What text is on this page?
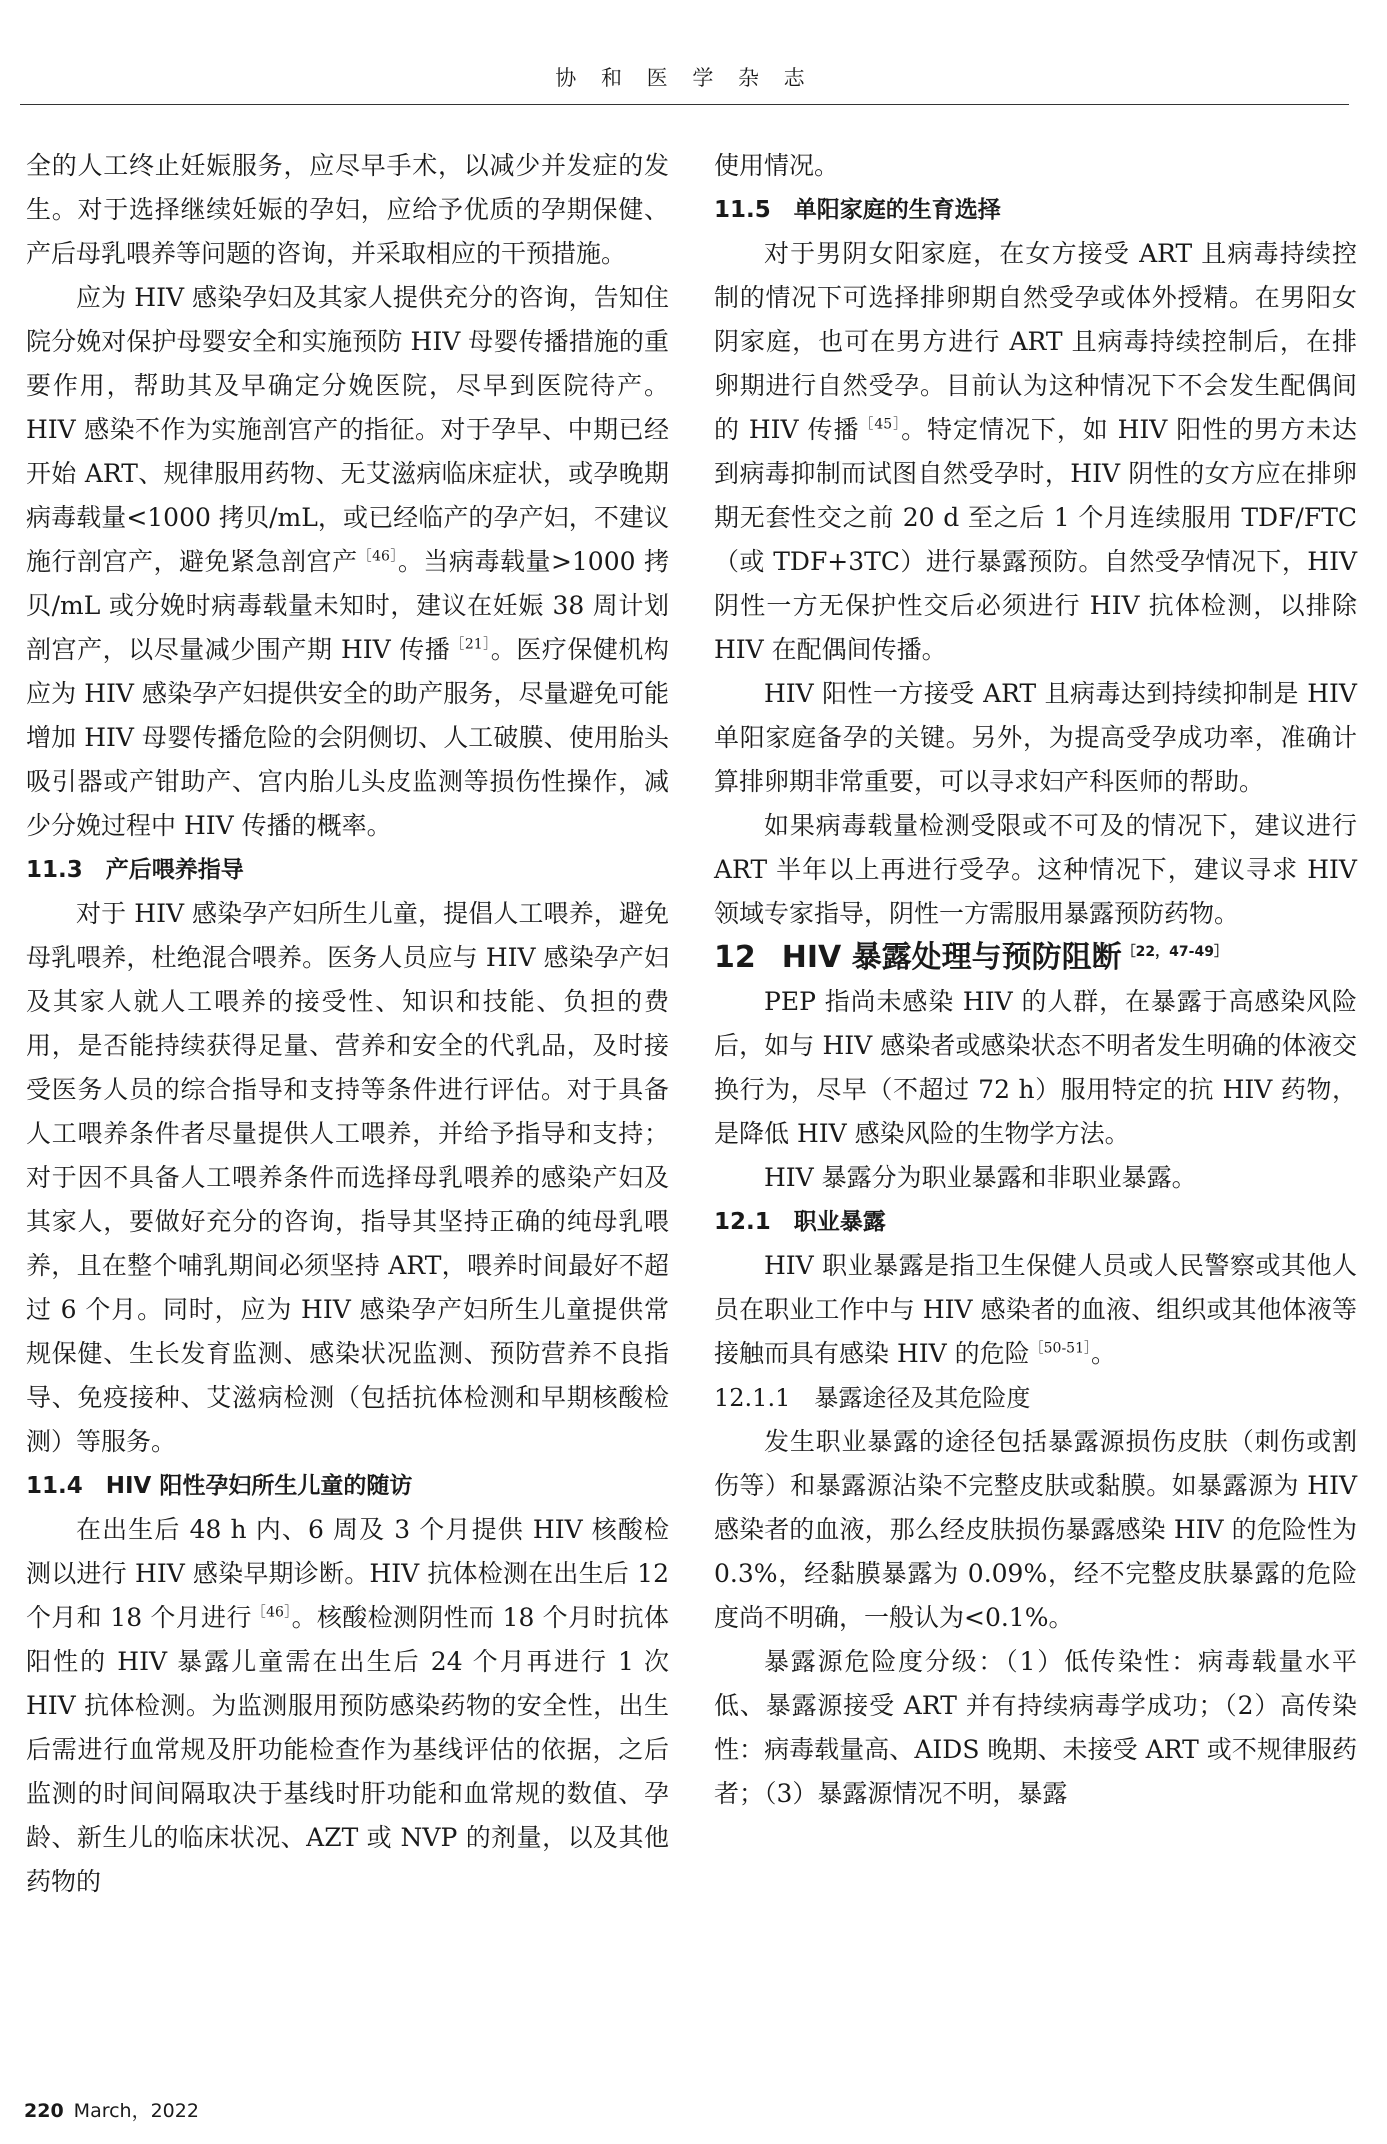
协 和 医 学 杂 志

全的人工终止妊娠服务，应尽早手术，以减少并发症的发生。对于选择继续妊娠的孕妇，应给予优质的孕期保健、产后母乳喂养等问题的咨询，并采取相应的干预措施。

应为 HIV 感染孕妇及其家人提供充分的咨询，告知住院分娩对保护母婴安全和实施预防 HIV 母婴传播措施的重要作用，帮助其及早确定分娩医院，尽早到医院待产。HIV 感染不作为实施剖宫产的指征。对于孕早、中期已经开始 ART、规律服用药物、无艾滋病临床症状，或孕晚期病毒载量<1000 拷贝/mL，或已经临产的孕产妇，不建议施行剖宫产，避免紧急剖宫产$^{[46]}$。当病毒载量>1000 拷贝/mL 或分娩时病毒载量未知时，建议在妊娠 38 周计划剖宫产，以尽量减少围产期 HIV 传播$^{[21]}$。医疗保健机构应为 HIV 感染孕产妇提供安全的助产服务，尽量避免可能增加 HIV 母婴传播危险的会阴侧切、人工破膜、使用胎头吸引器或产钳助产、宫内胎儿头皮监测等损伤性操作，减少分娩过程中 HIV 传播的概率。

11.3　产后喂养指导

对于 HIV 感染孕产妇所生儿童，提倡人工喂养，避免母乳喂养，杜绝混合喂养。医务人员应与 HIV 感染孕产妇及其家人就人工喂养的接受性、知识和技能、负担的费用，是否能持续获得足量、营养和安全的代乳品，及时接受医务人员的综合指导和支持等条件进行评估。对于具备人工喂养条件者尽量提供人工喂养，并给予指导和支持；对于因不具备人工喂养条件而选择母乳喂养的感染产妇及其家人，要做好充分的咨询，指导其坚持正确的纯母乳喂养，且在整个哺乳期间必须坚持 ART，喂养时间最好不超过 6 个月。同时，应为 HIV 感染孕产妇所生儿童提供常规保健、生长发育监测、感染状况监测、预防营养不良指导、免疫接种、艾滋病检测（包括抗体检测和早期核酸检测）等服务。

11.4　HIV 阳性孕妇所生儿童的随访

在出生后 48 h 内、6 周及 3 个月提供 HIV 核酸检测以进行 HIV 感染早期诊断。HIV 抗体检测在出生后 12 个月和 18 个月进行$^{[46]}$。核酸检测阴性而 18 个月时抗体阳性的 HIV 暴露儿童需在出生后 24 个月再进行 1 次 HIV 抗体检测。为监测服用预防感染药物的安全性，出生后需进行血常规及肝功能检查作为基线评估的依据，之后监测的时间间隔取决于基线时肝功能和血常规的数值、孕龄、新生儿的临床状况、AZT 或 NVP 的剂量，以及其他药物的

使用情况。

11.5　单阳家庭的生育选择

对于男阴女阳家庭，在女方接受 ART 且病毒持续控制的情况下可选择排卵期自然受孕或体外授精。在男阳女阴家庭，也可在男方进行 ART 且病毒持续控制后，在排卵期进行自然受孕。目前认为这种情况下不会发生配偶间的 HIV 传播$^{[45]}$。特定情况下，如 HIV 阳性的男方未达到病毒抑制而试图自然受孕时，HIV 阴性的女方应在排卵期无套性交之前 20 d 至之后 1 个月连续服用 TDF/FTC（或 TDF+3TC）进行暴露预防。自然受孕情况下，HIV 阴性一方无保护性交后必须进行 HIV 抗体检测，以排除 HIV 在配偶间传播。

HIV 阳性一方接受 ART 且病毒达到持续抑制是 HIV 单阳家庭备孕的关键。另外，为提高受孕成功率，准确计算排卵期非常重要，可以寻求妇产科医师的帮助。

如果病毒载量检测受限或不可及的情况下，建议进行 ART 半年以上再进行受孕。这种情况下，建议寻求 HIV 领域专家指导，阴性一方需服用暴露预防药物。

12 HIV 暴露处理与预防阻断$^{[22,47-49]}$

PEP 指尚未感染 HIV 的人群，在暴露于高感染风险后，如与 HIV 感染者或感染状态不明者发生明确的体液交换行为，尽早（不超过 72 h）服用特定的抗 HIV 药物，是降低 HIV 感染风险的生物学方法。

HIV 暴露分为职业暴露和非职业暴露。

12.1　职业暴露

HIV 职业暴露是指卫生保健人员或人民警察或其他人员在职业工作中与 HIV 感染者的血液、组织或其他体液等接触而具有感染 HIV 的危险$^{[50-51]}$。

12.1.1　暴露途径及其危险度

发生职业暴露的途径包括暴露源损伤皮肤（刺伤或割伤等）和暴露源沾染不完整皮肤或黏膜。如暴露源为 HIV 感染者的血液，那么经皮肤损伤暴露感染 HIV 的危险性为 0.3%，经黏膜暴露为 0.09%，经不完整皮肤暴露的危险度尚不明确，一般认为<0.1%。

暴露源危险度分级：（1）低传染性：病毒载量水平低、暴露源接受 ART 并有持续病毒学成功；（2）高传染性：病毒载量高、AIDS 晚期、未接受 ART 或不规律服药者；（3）暴露源情况不明，暴露

220 March，2022
